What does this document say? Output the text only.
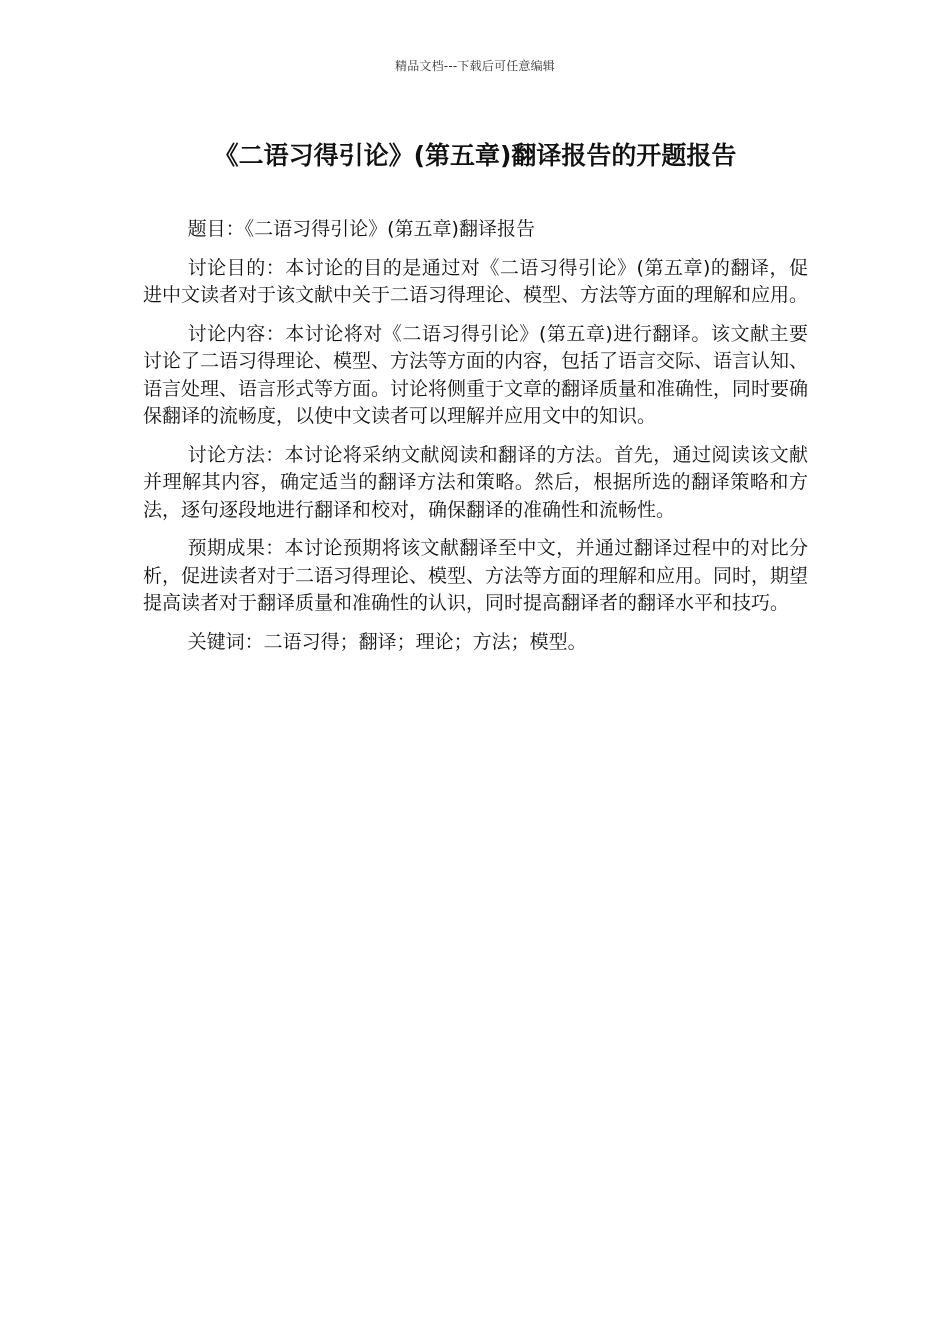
精品文档---下载后可任意编辑
《二语习得引论》(第五章)翻译报告的开题报告

题目：《二语习得引论》(第五章)翻译报告

讨论目的：本讨论的目的是通过对《二语习得引论》(第五章)的翻译，促进中文读者对于该文献中关于二语习得理论、模型、方法等方面的理解和应用。

讨论内容：本讨论将对《二语习得引论》(第五章)进行翻译。该文献主要讨论了二语习得理论、模型、方法等方面的内容，包括了语言交际、语言认知、语言处理、语言形式等方面。讨论将侧重于文章的翻译质量和准确性，同时要确保翻译的流畅度，以使中文读者可以理解并应用文中的知识。

讨论方法：本讨论将采纳文献阅读和翻译的方法。首先，通过阅读该文献并理解其内容，确定适当的翻译方法和策略。然后，根据所选的翻译策略和方法，逐句逐段地进行翻译和校对，确保翻译的准确性和流畅性。

预期成果：本讨论预期将该文献翻译至中文，并通过翻译过程中的对比分析，促进读者对于二语习得理论、模型、方法等方面的理解和应用。同时，期望提高读者对于翻译质量和准确性的认识，同时提高翻译者的翻译水平和技巧。

关键词：二语习得；翻译；理论；方法；模型。
